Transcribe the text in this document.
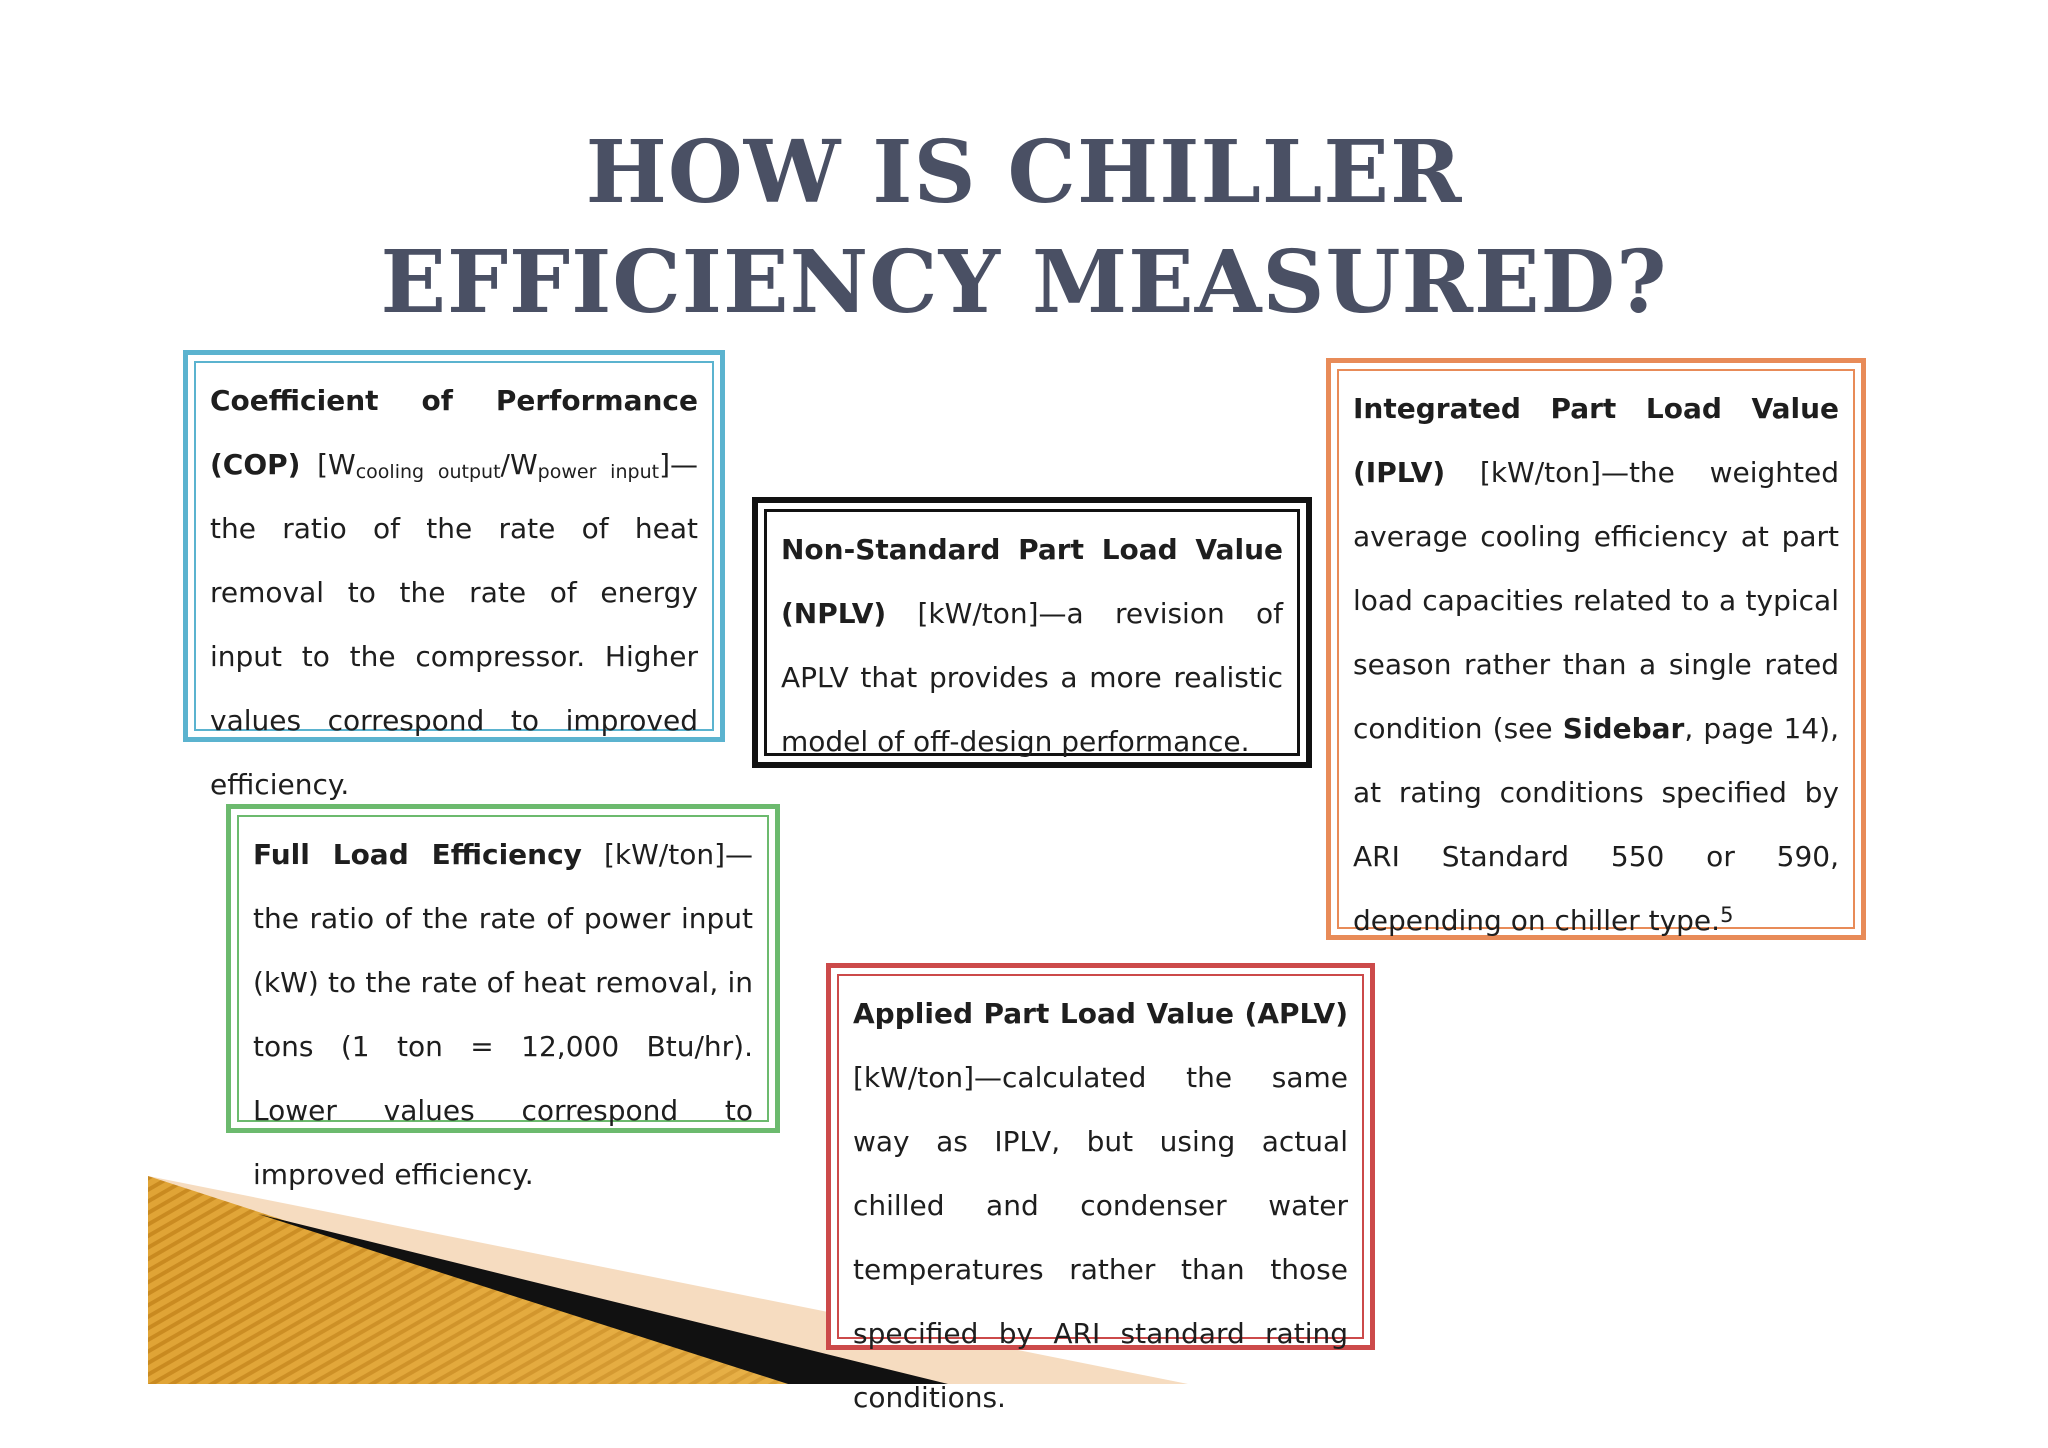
HOW IS CHILLER
EFFICIENCY MEASURED?
Coefficient of Performance (COP) $[W_{cooling output}/W_{power input}]—the$ ratio of the rate of heat removal to the rate of energy input to the compressor. Higher values correspond to improved efficiency.
Non-Standard Part Load Value (NPLV) [kW/ton]—a revision of APLV that provides a more realistic model of off-design performance.
Integrated Part Load Value (IPLV) [kW/ton]—the weighted average cooling efficiency at part load capacities related to a typical season rather than a single rated condition (see Sidebar, page 14), at rating conditions specified by ARI Standard 550 or 590, depending on chiller type.$^5$
Full Load Efficiency [kW/ton]—the ratio of the rate of power input (kW) to the rate of heat removal, in tons (1 ton = 12,000 Btu/hr). Lower values correspond to improved efficiency.
Applied Part Load Value (APLV) [kW/ton]—calculated the same way as IPLV, but using actual chilled and condenser water temperatures rather than those specified by ARI standard rating conditions.
